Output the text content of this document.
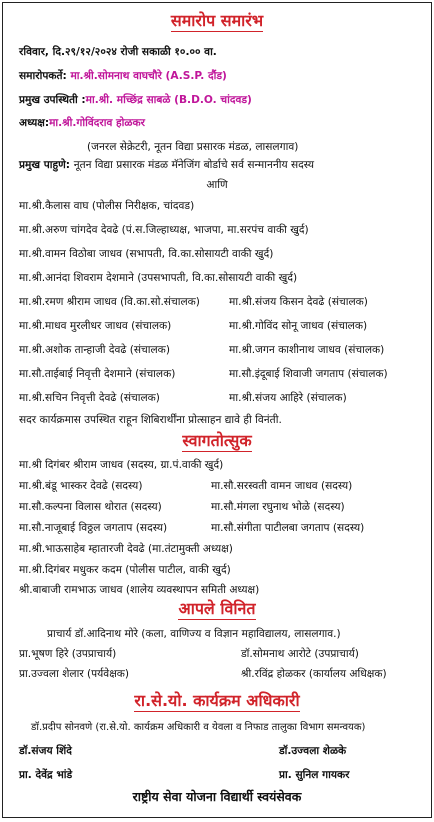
समारोप समारंभ
रविवार, दि.२९/१२/२०२४ रोजी सकाळी १०.०० वा.
समारोपकर्ते: मा.श्री.सोमनाथ वाघचौरे (A.S.P. दौंड)
प्रमुख उपस्थिती :मा.श्री. मच्छिंद्र साबळे (B.D.O. चांदवड)
अध्यक्ष:मा.श्री.गोविंदराव होळकर
(जनरल सेक्रेटरी, नूतन विद्या प्रसारक मंडळ, लासलगाव)
प्रमुख पाहुणे: नूतन विद्या प्रसारक मंडळ मॅनेजिंग बोर्डाचे सर्व सन्माननीय सदस्य
आणि
मा.श्री.कैलास वाघ (पोलीस निरीक्षक, चांदवड)
मा.श्री.अरुण चांगदेव देवढे (पं.स.जिल्हाध्यक्ष, भाजपा, मा.सरपंच वाकी खुर्द)
मा.श्री.वामन विठोबा जाधव (सभापती, वि.का.सोसायटी वाकी खुर्द)
मा.श्री.आनंदा शिवराम देशमाने (उपसभापती, वि.का.सोसायटी वाकी खुर्द)
मा.श्री.रमण श्रीराम जाधव (वि.का.सो.संचालक)	मा.श्री.संजय किसन देवढे (संचालक)
मा.श्री.माधव मुरलीधर जाधव (संचालक)	मा.श्री.गोविंद सोनू जाधव (संचालक)
मा.श्री.अशोक तान्हाजी देवढे (संचालक)	मा.श्री.जगन काशीनाथ जाधव (संचालक)
मा.सौ.ताईबाई निवृत्ती देशमाने (संचालक)	मा.सौ.इंदूबाई शिवाजी जगताप (संचालक)
मा.श्री.सचिन निवृत्ती देवढे (संचालक)	मा.श्री.संजय आहिरे (संचालक)
सदर कार्यक्रमास उपस्थित राहून शिबिरार्थींना प्रोत्साहन द्यावे ही विनंती.
स्वागतोत्सुक
मा.श्री दिगंबर श्रीराम जाधव (सदस्य, ग्रा.पं.वाकी खुर्द)
मा.श्री.बंडू भास्कर देवढे (सदस्य)	मा.सौ.सरस्वती वामन जाधव (सदस्य)
मा.सौ.कल्पना विलास थोरात (सदस्य)	मा.सौ.मंगला रघुनाथ भोळे (सदस्य)
मा.सौ.नाजूबाई विठ्ठल जगताप (सदस्य)	मा.सौ.संगीता पाटीलबा जगताप (सदस्य)
मा.श्री.भाऊसाहेब म्हातारजी देवढे (मा.तंटामुक्ती अध्यक्ष)
मा.श्री.दिगंबर मधुकर कदम (पोलीस पाटील, वाकी खुर्द)
श्री.बाबाजी रामभाऊ जाधव (शालेय व्यवस्थापन समिती अध्यक्ष)
आपले विनित
प्राचार्य डॉ.आदिनाथ मोरे (कला, वाणिज्य व विज्ञान महाविद्यालय, लासलगाव.)
प्रा.भूषण हिरे (उपप्राचार्य)	डॉ.सोमनाथ आरोटे (उपप्राचार्य)
प्रा.उज्वला शेलार (पर्यवेक्षक)	श्री.रविंद्र होळकर (कार्यालय अधिक्षक)
रा.से.यो. कार्यक्रम अधिकारी
डॉ.प्रदीप सोनवणे (रा.से.यो. कार्यक्रम अधिकारी व येवला व निफाड तालुका विभाग समन्वयक)
डॉ.संजय शिंदे	डॉ.उज्वला शेळके
प्रा. देवेंद्र भांडे	प्रा. सुनिल गायकर
राष्ट्रीय सेवा योजना विद्यार्थी स्वयंसेवक
